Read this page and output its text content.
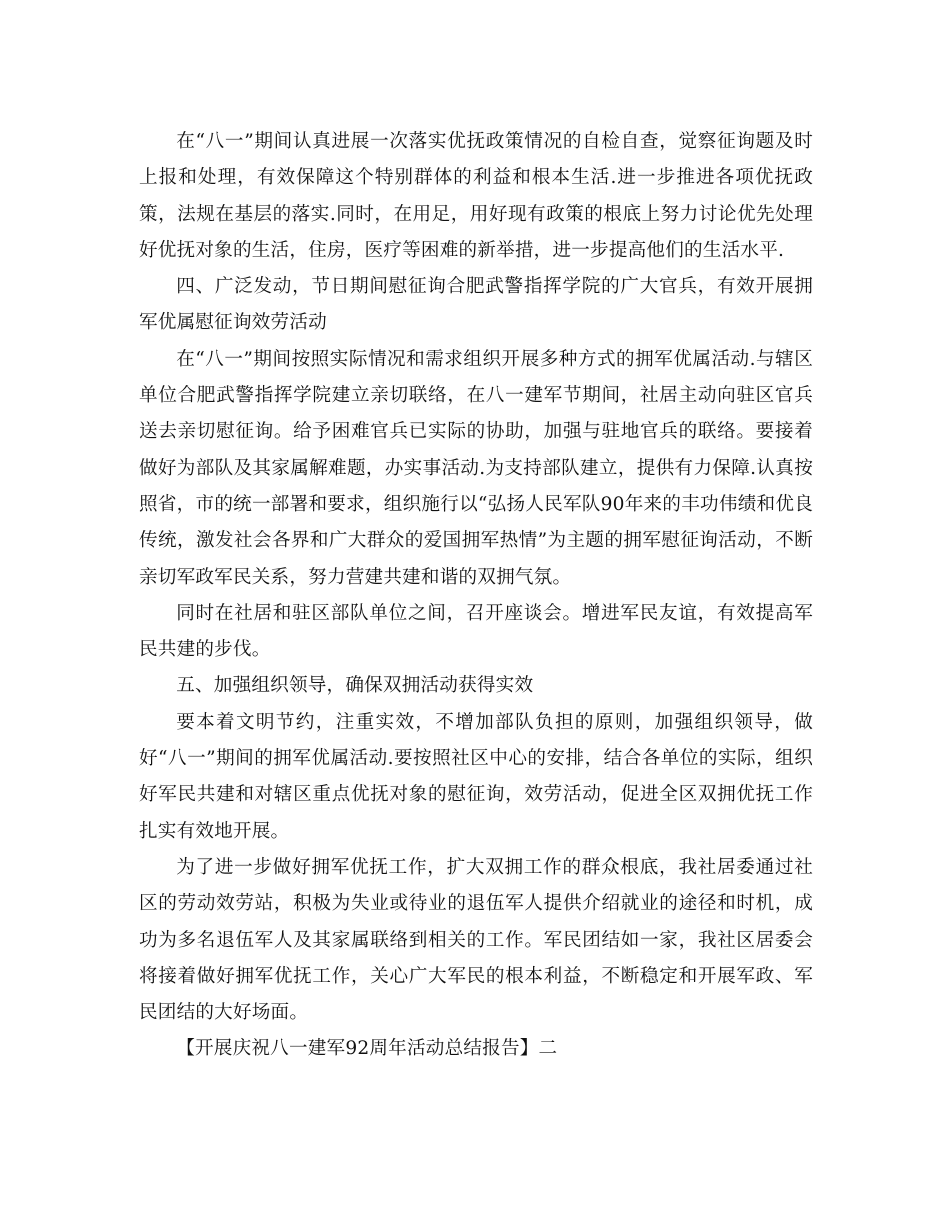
在“八一”期间认真进展一次落实优抚政策情况的自检自查，觉察征询题及时上报和处理，有效保障这个特别群体的利益和根本生活.进一步推进各项优抚政策，法规在基层的落实.同时，在用足，用好现有政策的根底上努力讨论优先处理好优抚对象的生活，住房，医疗等困难的新举措，进一步提高他们的生活水平.

四、广泛发动，节日期间慰征询合肥武警指挥学院的广大官兵，有效开展拥军优属慰征询效劳活动

在“八一”期间按照实际情况和需求组织开展多种方式的拥军优属活动.与辖区单位合肥武警指挥学院建立亲切联络，在八一建军节期间，社居主动向驻区官兵送去亲切慰征询。给予困难官兵已实际的协助，加强与驻地官兵的联络。要接着做好为部队及其家属解难题，办实事活动.为支持部队建立，提供有力保障.认真按照省，市的统一部署和要求，组织施行以“弘扬人民军队90年来的丰功伟绩和优良传统，激发社会各界和广大群众的爱国拥军热情”为主题的拥军慰征询活动，不断亲切军政军民关系，努力营建共建和谐的双拥气氛。

同时在社居和驻区部队单位之间，召开座谈会。增进军民友谊，有效提高军民共建的步伐。

五、加强组织领导，确保双拥活动获得实效

要本着文明节约，注重实效，不增加部队负担的原则，加强组织领导，做好“八一”期间的拥军优属活动.要按照社区中心的安排，结合各单位的实际，组织好军民共建和对辖区重点优抚对象的慰征询，效劳活动，促进全区双拥优抚工作扎实有效地开展。

为了进一步做好拥军优抚工作，扩大双拥工作的群众根底，我社居委通过社区的劳动效劳站，积极为失业或待业的退伍军人提供介绍就业的途径和时机，成功为多名退伍军人及其家属联络到相关的工作。军民团结如一家，我社区居委会将接着做好拥军优抚工作，关心广大军民的根本利益，不断稳定和开展军政、军民团结的大好场面。

【开展庆祝八一建军92周年活动总结报告】二
